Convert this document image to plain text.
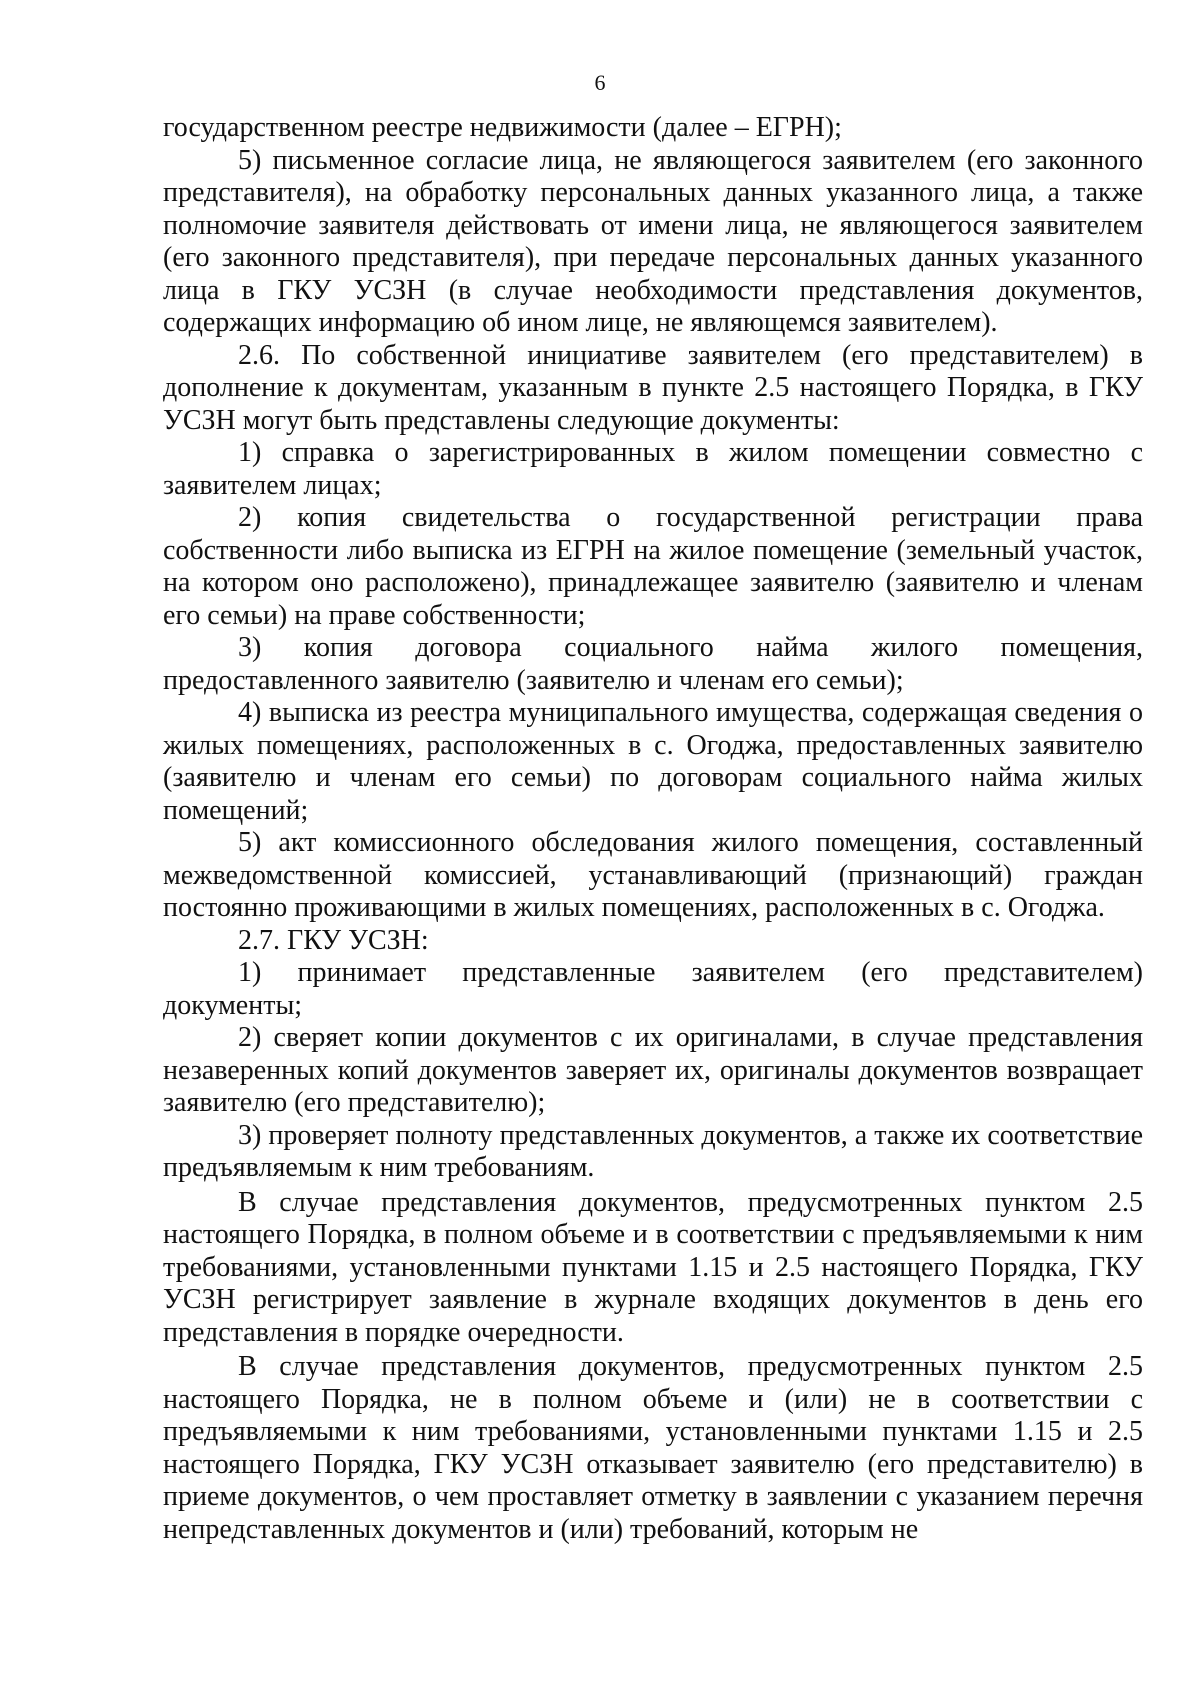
6

государственном реестре недвижимости (далее – ЕГРН);

5) письменное согласие лица, не являющегося заявителем (его законного представителя), на обработку персональных данных указанного лица, а также полномочие заявителя действовать от имени лица, не являющегося заявителем (его законного представителя), при передаче персональных данных указанного лица в ГКУ УСЗН (в случае необходимости представления документов, содержащих информацию об ином лице, не являющемся заявителем).

2.6. По собственной инициативе заявителем (его представителем) в дополнение к документам, указанным в пункте 2.5 настоящего Порядка, в ГКУ УСЗН могут быть представлены следующие документы:

1) справка о зарегистрированных в жилом помещении совместно с заявителем лицах;

2) копия свидетельства о государственной регистрации права собственности либо выписка из ЕГРН на жилое помещение (земельный участок, на котором оно расположено), принадлежащее заявителю (заявителю и членам его семьи) на праве собственности;

3) копия договора социального найма жилого помещения, предоставленного заявителю (заявителю и членам его семьи);

4) выписка из реестра муниципального имущества, содержащая сведения о жилых помещениях, расположенных в с. Огоджа, предоставленных заявителю (заявителю и членам его семьи) по договорам социального найма жилых помещений;

5) акт комиссионного обследования жилого помещения, составленный межведомственной комиссией, устанавливающий (признающий) граждан постоянно проживающими в жилых помещениях, расположенных в с. Огоджа.

2.7. ГКУ УСЗН:

1) принимает представленные заявителем (его представителем) документы;

2) сверяет копии документов с их оригиналами, в случае представления незаверенных копий документов заверяет их, оригиналы документов возвращает заявителю (его представителю);

3) проверяет полноту представленных документов, а также их соответствие предъявляемым к ним требованиям.

В случае представления документов, предусмотренных пунктом 2.5 настоящего Порядка, в полном объеме и в соответствии с предъявляемыми к ним требованиями, установленными пунктами 1.15 и 2.5 настоящего Порядка, ГКУ УСЗН регистрирует заявление в журнале входящих документов в день его представления в порядке очередности.

В случае представления документов, предусмотренных пунктом 2.5 настоящего Порядка, не в полном объеме и (или) не в соответствии с предъявляемыми к ним требованиями, установленными пунктами 1.15 и 2.5 настоящего Порядка, ГКУ УСЗН отказывает заявителю (его представителю) в приеме документов, о чем проставляет отметку в заявлении с указанием перечня непредставленных документов и (или) требований, которым не
